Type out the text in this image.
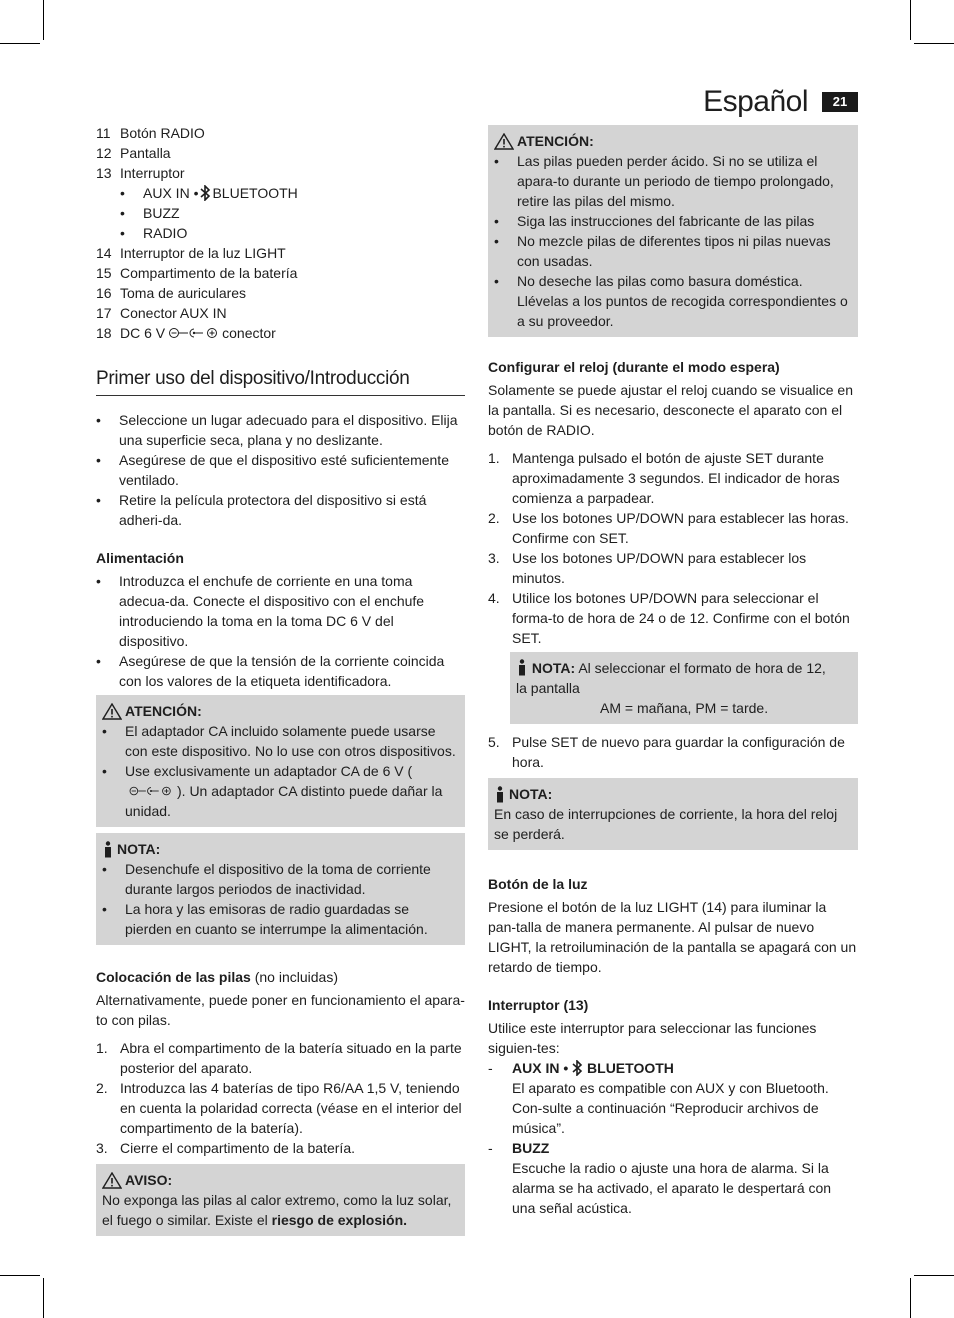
Español	21
11 Botón RADIO
12 Pantalla
13 Interruptor
•	AUX IN • BLUETOOTH
•	BUZZ
•	RADIO
14 Interruptor de la luz LIGHT
15 Compartimento de la batería
16 Toma de auriculares
17 Conector AUX IN
18 DC 6 V	conector
Primer uso del dispositivo/Introducción
•	Seleccione un lugar adecuado para el dispositivo. Elija una superficie seca, plana y no deslizante.
•	Asegúrese de que el dispositivo esté suficientemente ventilado.
•	Retire la película protectora del dispositivo si está adheri-da.
Alimentación
•	Introduzca el enchufe de corriente en una toma adecua-da. Conecte el dispositivo con el enchufe introduciendo la toma en la toma DC 6 V del dispositivo.
•	Asegúrese de que la tensión de la corriente coincida con los valores de la etiqueta identificadora.
ATENCIÓN:
•	El adaptador CA incluido solamente puede usarse con este dispositivo. No lo use con otros dispositivos.
•	Use exclusivamente un adaptador CA de 6 V (). Un adaptador CA distinto puede dañar la unidad.
NOTA:
•	Desenchufe el dispositivo de la toma de corriente durante largos periodos de inactividad.
•	La hora y las emisoras de radio guardadas se pierden en cuanto se interrumpe la alimentación.
Colocación de las pilas (no incluidas)

Alternativamente, puede poner en funcionamiento el apara-to con pilas.

1. Abra el compartimento de la batería situado en la parte posterior del aparato.
2. Introduzca las 4 baterías de tipo R6/AA 1,5 V, teniendo en cuenta la polaridad correcta (véase en el interior del compartimento de la batería).
3. Cierre el compartimento de la batería.
AVISO:

No exponga las pilas al calor extremo, como la luz solar, el fuego o similar. Existe el riesgo de explosión.

ATENCIÓN:
•	Las pilas pueden perder ácido. Si no se utiliza el apara-to durante un periodo de tiempo prolongado, retire las pilas del mismo.
•	Siga las instrucciones del fabricante de las pilas
•	No mezcle pilas de diferentes tipos ni pilas nuevas con usadas.
•	No deseche las pilas como basura doméstica. Llévelas a los puntos de recogida correspondientes o a su proveedor.
Configurar el reloj (durante el modo espera)

Solamente se puede ajustar el reloj cuando se visualice en la pantalla. Si es necesario, desconecte el aparato con el botón de RADIO.

1. Mantenga pulsado el botón de ajuste SET durante aproximadamente 3 segundos. El indicador de horas comienza a parpadear.
2. Use los botones UP/DOWN para establecer las horas. Confirme con SET.
3. Use los botones UP/DOWN para establecer los minutos.
4. Utilice los botones UP/DOWN para seleccionar el forma-to de hora de 24 o de 12. Confirme con el botón SET.
NOTA: Al seleccionar el formato de hora de 12,
la pantalla
AM = mañana, PM = tarde.
5. Pulse SET de nuevo para guardar la configuración de hora.
NOTA:

En caso de interrupciones de corriente, la hora del reloj se perderá.

Botón de la luz

Presione el botón de la luz LIGHT (14) para iluminar la pan-talla de manera permanente. Al pulsar de nuevo LIGHT, la retroiluminación de la pantalla se apagará con un retardo de tiempo.

Interruptor (13)

Utilice este interruptor para seleccionar las funciones siguien-tes:

-	AUX IN • BLUETOOTH
El aparato es compatible con AUX y con Bluetooth. Con-sulte a continuación “Reproducir archivos de música”.
-	BUZZ
Escuche la radio o ajuste una hora de alarma. Si la alarma se ha activado, el aparato le despertará con una señal acústica.
